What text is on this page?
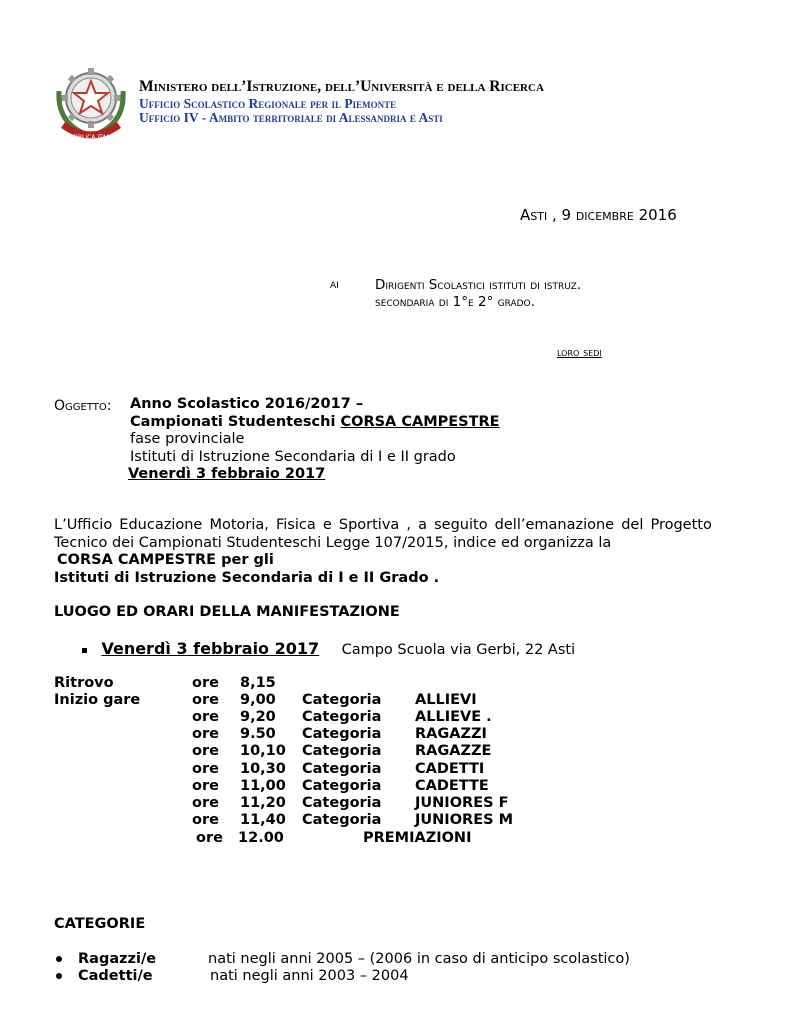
REPUBBLICA ITALIANA
Ministero dell’Istruzione, dell’Università e della Ricerca
Ufficio Scolastico Regionale per il Piemonte
Ufficio IV - Ambito territoriale di Alessandria e Asti
Asti , 9 dicembre 2016
ai	Dirigenti Scolastici istituti di istruz.
secondaria di 1°e 2° grado.
loro sedi
Oggetto: Anno Scolastico 2016/2017 –
Campionati Studenteschi CORSA CAMPESTRE
fase provinciale
Istituti di Istruzione Secondaria di I e II grado
Venerdì 3 febbraio 2017
L’Ufficio Educazione Motoria, Fisica e Sportiva , a seguito dell’emanazione del Progetto
Tecnico dei Campionati Studenteschi Legge 107/2015, indice ed organizza la
CORSA CAMPESTRE per gli
Istituti di Istruzione Secondaria di I e II Grado .
LUOGO ED ORARI DELLA MANIFESTAZIONE
Venerdì 3 febbraio 2017 Campo Scuola via Gerbi, 22 Asti
Ritrovo	ore	8,15		
Inizio gare	ore	9,00	Categoria	ALLIEVI
	ore	9,20	Categoria	ALLIEVE .
	ore	9.50	Categoria	RAGAZZI
	ore	10,10	Categoria	RAGAZZE
	ore	10,30	Categoria	CADETTI
	ore	11,00	Categoria	CADETTE
	ore	11,20	Categoria	JUNIORES F
	ore	11,40	Categoria	JUNIORES M
ore 12.00	PREMIAZIONI
CATEGORIE
Ragazzi/e	nati negli anni 2005 – (2006 in caso di anticipo scolastico)
Cadetti/e	nati negli anni 2003 – 2004
